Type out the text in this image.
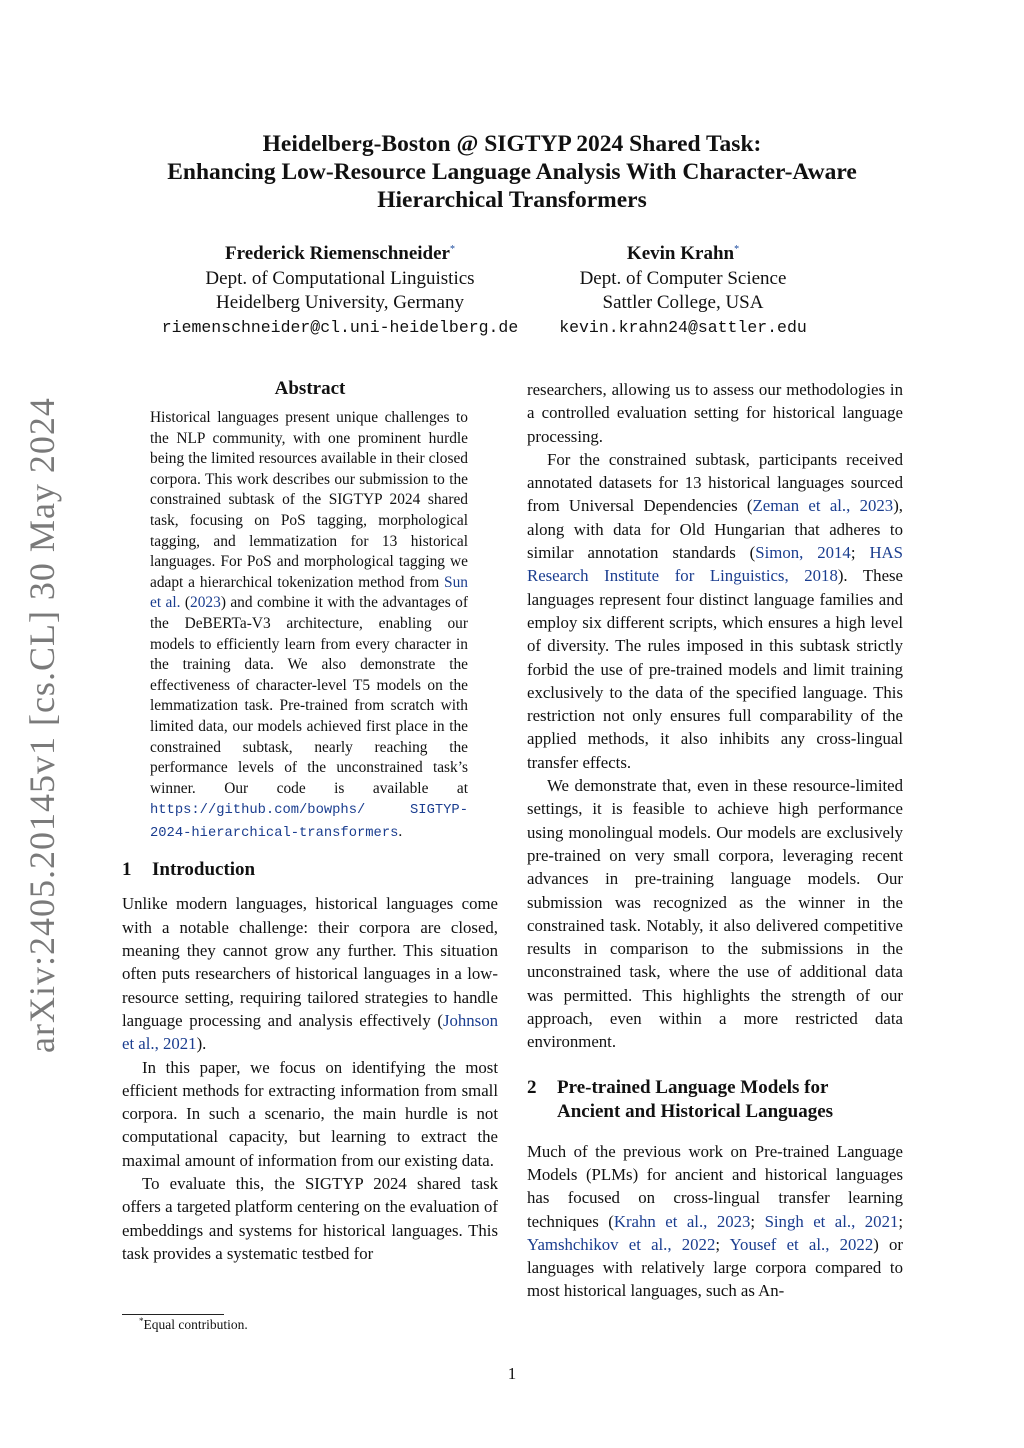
arXiv:2405.20145v1 [cs.CL] 30 May 2024
Heidelberg-Boston @ SIGTYP 2024 Shared Task:
Enhancing Low-Resource Language Analysis With Character-Aware
Hierarchical Transformers
Frederick Riemenschneider*
Dept. of Computational Linguistics
Heidelberg University, Germany
riemenschneider@cl.uni-heidelberg.de
Kevin Krahn*
Dept. of Computer Science
Sattler College, USA
kevin.krahn24@sattler.edu
Abstract

Historical languages present unique challenges to the NLP community, with one prominent hurdle being the limited resources available in their closed corpora. This work describes our submission to the constrained subtask of the SIGTYP 2024 shared task, focusing on PoS tagging, morphological tagging, and lemmatization for 13 historical languages. For PoS and morphological tagging we adapt a hierarchical tokenization method from Sun et al. (2023) and combine it with the advantages of the DeBERTa-V3 architecture, enabling our models to efficiently learn from every character in the training data. We also demonstrate the effectiveness of character-level T5 models on the lemmatization task. Pre-trained from scratch with limited data, our models achieved first place in the constrained subtask, nearly reaching the performance levels of the unconstrained task’s winner. Our code is available at https://github.com/bowphs/	SIGTYP-2024-hierarchical-transformers.

1	Introduction

Unlike modern languages, historical languages come with a notable challenge: their corpora are closed, meaning they cannot grow any further. This situation often puts researchers of historical languages in a low-resource setting, requiring tailored strategies to handle language processing and analysis effectively (Johnson et al., 2021).

In this paper, we focus on identifying the most efficient methods for extracting information from small corpora. In such a scenario, the main hurdle is not computational capacity, but learning to extract the maximal amount of information from our existing data.

To evaluate this, the SIGTYP 2024 shared task offers a targeted platform centering on the evaluation of embeddings and systems for historical languages. This task provides a systematic testbed for

*Equal contribution.

researchers, allowing us to assess our methodologies in a controlled evaluation setting for historical language processing.

For the constrained subtask, participants received annotated datasets for 13 historical languages sourced from Universal Dependencies (Zeman et al., 2023), along with data for Old Hungarian that adheres to similar annotation standards (Simon, 2014; HAS Research Institute for Linguistics, 2018). These languages represent four distinct language families and employ six different scripts, which ensures a high level of diversity. The rules imposed in this subtask strictly forbid the use of pre-trained models and limit training exclusively to the data of the specified language. This restriction not only ensures full comparability of the applied methods, it also inhibits any cross-lingual transfer effects.

We demonstrate that, even in these resource-limited settings, it is feasible to achieve high performance using monolingual models. Our models are exclusively pre-trained on very small corpora, leveraging recent advances in pre-training language models. Our submission was recognized as the winner in the constrained task. Notably, it also delivered competitive results in comparison to the submissions in the unconstrained task, where the use of additional data was permitted. This highlights the strength of our approach, even within a more restricted data environment.

2	Pre-trained Language Models for
Ancient and Historical Languages

Much of the previous work on Pre-trained Language Models (PLMs) for ancient and historical languages has focused on cross-lingual transfer learning techniques (Krahn et al., 2023; Singh et al., 2021; Yamshchikov et al., 2022; Yousef et al., 2022) or languages with relatively large corpora compared to most historical languages, such as An-

1
